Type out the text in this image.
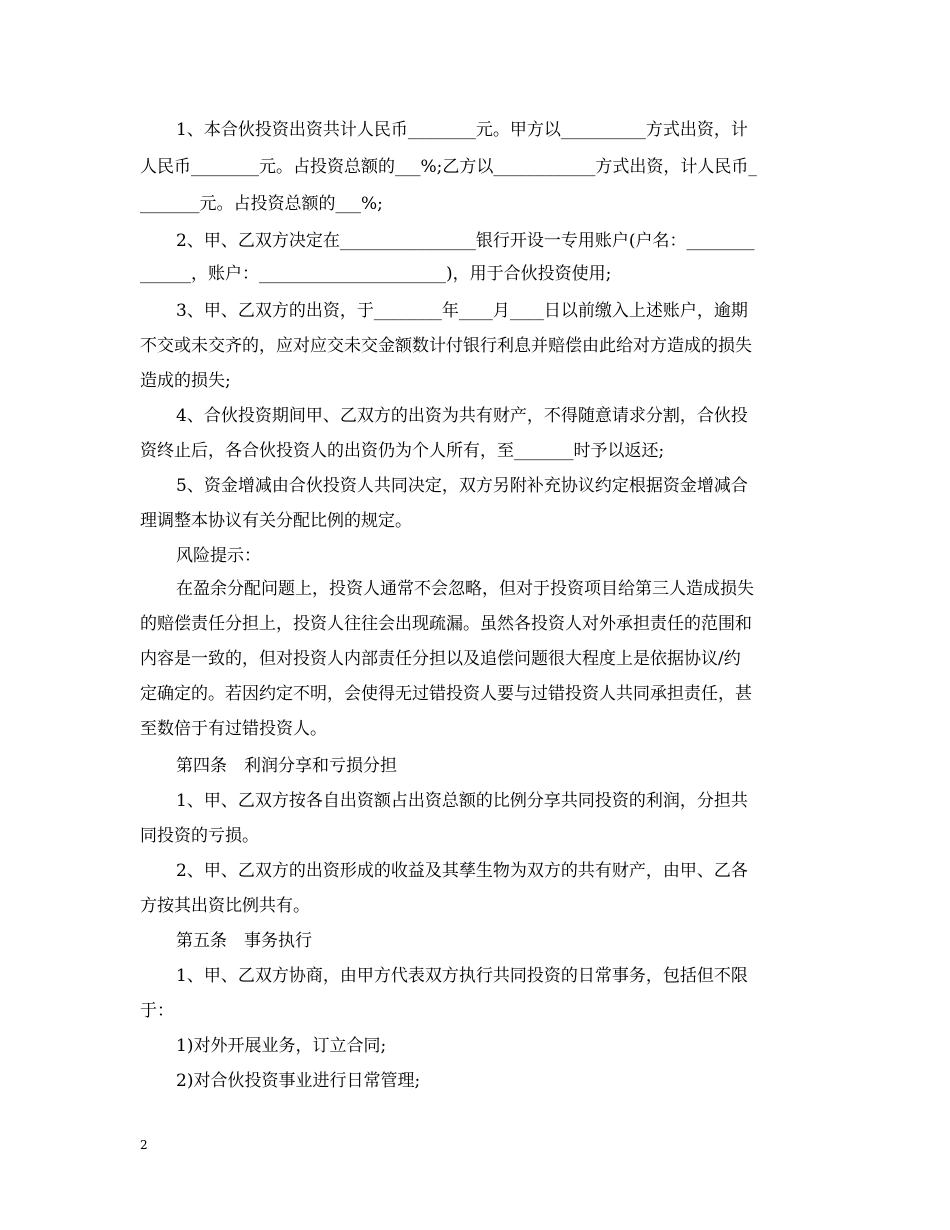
1、本合伙投资出资共计人民币________元。甲方以__________方式出资，计
人民币________元。占投资总额的___%;乙方以____________方式出资，计人民币_
_______元。占投资总额的___%;
2、甲、乙双方决定在________________银行开设一专用账户(户名：________
______，账户：______________________)，用于合伙投资使用;
3、甲、乙双方的出资，于________年____月____日以前缴入上述账户，逾期
不交或未交齐的，应对应交未交金额数计付银行利息并赔偿由此给对方造成的损失
造成的损失;
4、合伙投资期间甲、乙双方的出资为共有财产，不得随意请求分割，合伙投
资终止后，各合伙投资人的出资仍为个人所有，至_______时予以返还;
5、资金增减由合伙投资人共同决定，双方另附补充协议约定根据资金增减合
理调整本协议有关分配比例的规定。
风险提示：
在盈余分配问题上，投资人通常不会忽略，但对于投资项目给第三人造成损失
的赔偿责任分担上，投资人往往会出现疏漏。虽然各投资人对外承担责任的范围和
内容是一致的，但对投资人内部责任分担以及追偿问题很大程度上是依据协议/约
定确定的。若因约定不明，会使得无过错投资人要与过错投资人共同承担责任，甚
至数倍于有过错投资人。
第四条　利润分享和亏损分担
1、甲、乙双方按各自出资额占出资总额的比例分享共同投资的利润，分担共
同投资的亏损。
2、甲、乙双方的出资形成的收益及其孳生物为双方的共有财产，由甲、乙各
方按其出资比例共有。
第五条　事务执行
1、甲、乙双方协商，由甲方代表双方执行共同投资的日常事务，包括但不限
于：
1)对外开展业务，订立合同;
2)对合伙投资事业进行日常管理;
2
